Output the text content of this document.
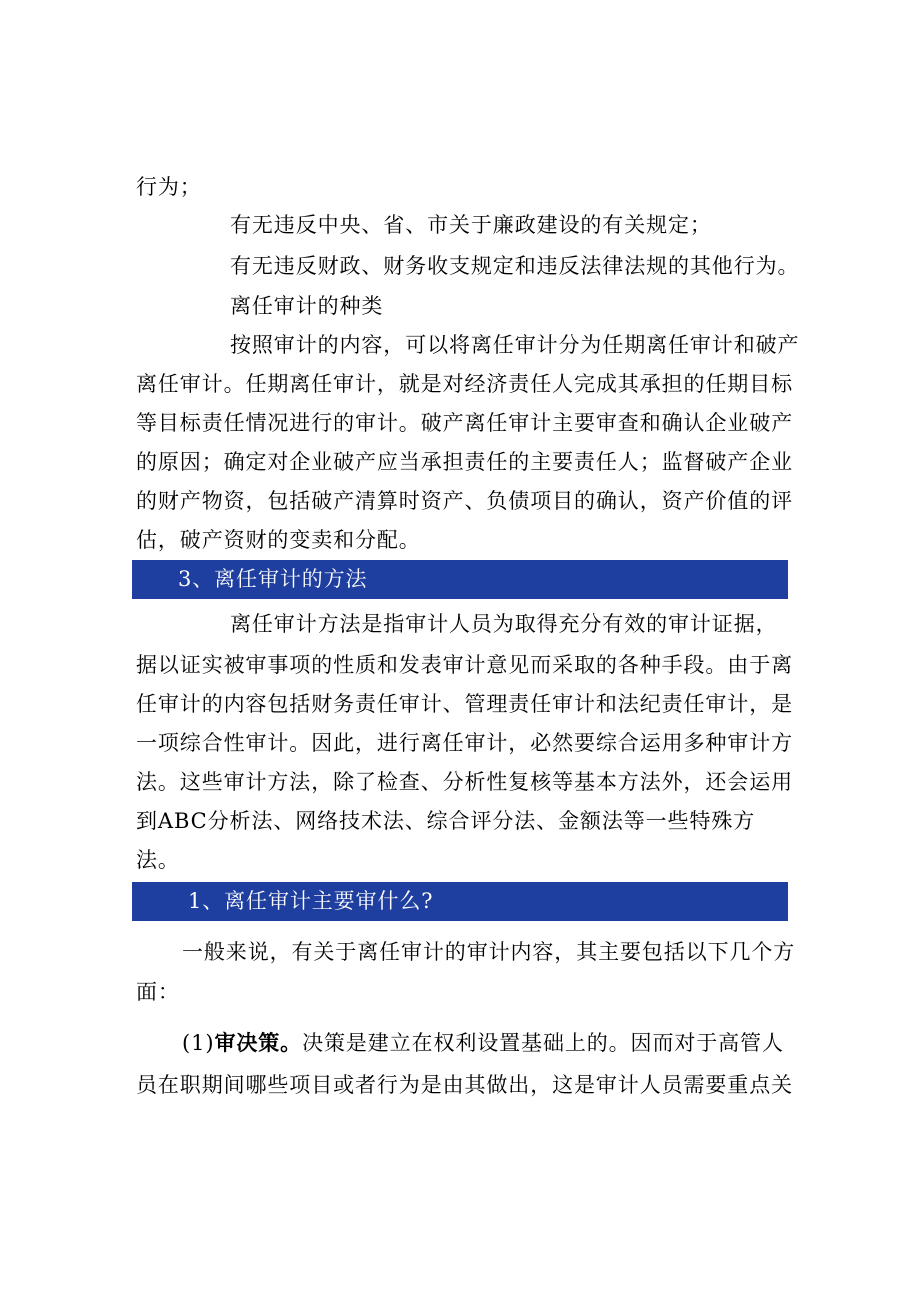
行为；
有无违反中央、省、市关于廉政建设的有关规定；
有无违反财政、财务收支规定和违反法律法规的其他行为。
离任审计的种类
按照审计的内容，可以将离任审计分为任期离任审计和破产
离任审计。任期离任审计，就是对经济责任人完成其承担的任期目标
等目标责任情况进行的审计。破产离任审计主要审查和确认企业破产
的原因；确定对企业破产应当承担责任的主要责任人；监督破产企业
的财产物资，包括破产清算时资产、负债项目的确认，资产价值的评
估，破产资财的变卖和分配。
3、离任审计的方法
离任审计方法是指审计人员为取得充分有效的审计证据，
据以证实被审事项的性质和发表审计意见而采取的各种手段。由于离
任审计的内容包括财务责任审计、管理责任审计和法纪责任审计，是
一项综合性审计。因此，进行离任审计，必然要综合运用多种审计方
法。这些审计方法，除了检查、分析性复核等基本方法外，还会运用
到ABC分析法、网络技术法、综合评分法、金额法等一些特殊方
法。
1、离任审计主要审什么?
一般来说，有关于离任审计的审计内容，其主要包括以下几个方
面：
(1)审决策。决策是建立在权利设置基础上的。因而对于高管人
员在职期间哪些项目或者行为是由其做出，这是审计人员需要重点关
